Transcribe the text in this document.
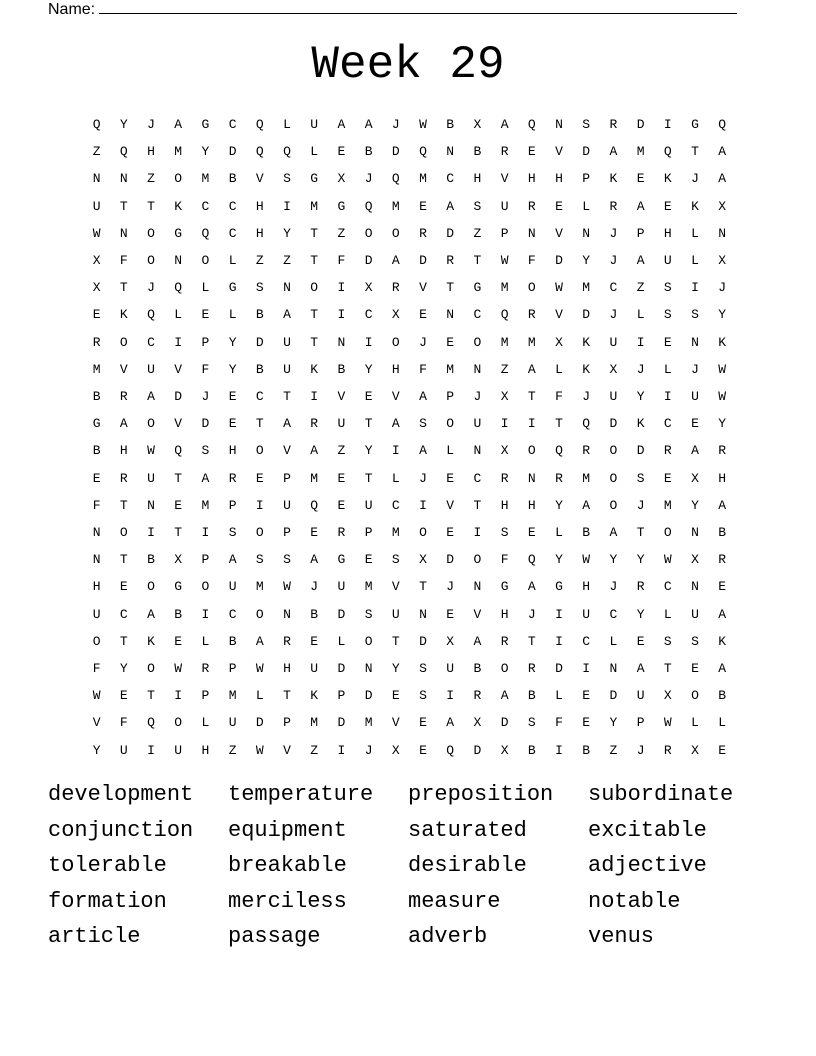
Name:
Week 29
Q	Y	J	A	G	C	Q	L	U	A	A	J	W	B	X	A	Q	N	S	R	D	I	G	Q
Z	Q	H	M	Y	D	Q	Q	L	E	B	D	Q	N	B	R	E	V	D	A	M	Q	T	A
N	N	Z	O	M	B	V	S	G	X	J	Q	M	C	H	V	H	H	P	K	E	K	J	A
U	T	T	K	C	C	H	I	M	G	Q	M	E	A	S	U	R	E	L	R	A	E	K	X
W	N	O	G	Q	C	H	Y	T	Z	O	O	R	D	Z	P	N	V	N	J	P	H	L	N
X	F	O	N	O	L	Z	Z	T	F	D	A	D	R	T	W	F	D	Y	J	A	U	L	X
X	T	J	Q	L	G	S	N	O	I	X	R	V	T	G	M	O	W	M	C	Z	S	I	J
E	K	Q	L	E	L	B	A	T	I	C	X	E	N	C	Q	R	V	D	J	L	S	S	Y
R	O	C	I	P	Y	D	U	T	N	I	O	J	E	O	M	M	X	K	U	I	E	N	K
M	V	U	V	F	Y	B	U	K	B	Y	H	F	M	N	Z	A	L	K	X	J	L	J	W
B	R	A	D	J	E	C	T	I	V	E	V	A	P	J	X	T	F	J	U	Y	I	U	W
G	A	O	V	D	E	T	A	R	U	T	A	S	O	U	I	I	T	Q	D	K	C	E	Y
B	H	W	Q	S	H	O	V	A	Z	Y	I	A	L	N	X	O	Q	R	O	D	R	A	R
E	R	U	T	A	R	E	P	M	E	T	L	J	E	C	R	N	R	M	O	S	E	X	H
F	T	N	E	M	P	I	U	Q	E	U	C	I	V	T	H	H	Y	A	O	J	M	Y	A
N	O	I	T	I	S	O	P	E	R	P	M	O	E	I	S	E	L	B	A	T	O	N	B
N	T	B	X	P	A	S	S	A	G	E	S	X	D	O	F	Q	Y	W	Y	Y	W	X	R
H	E	O	G	O	U	M	W	J	U	M	V	T	J	N	G	A	G	H	J	R	C	N	E
U	C	A	B	I	C	O	N	B	D	S	U	N	E	V	H	J	I	U	C	Y	L	U	A
O	T	K	E	L	B	A	R	E	L	O	T	D	X	A	R	T	I	C	L	E	S	S	K
F	Y	O	W	R	P	W	H	U	D	N	Y	S	U	B	O	R	D	I	N	A	T	E	A
W	E	T	I	P	M	L	T	K	P	D	E	S	I	R	A	B	L	E	D	U	X	O	B
V	F	Q	O	L	U	D	P	M	D	M	V	E	A	X	D	S	F	E	Y	P	W	L	L
Y	U	I	U	H	Z	W	V	Z	I	J	X	E	Q	D	X	B	I	B	Z	J	R	X	E
development temperature preposition subordinate
conjunction equipment	saturated	excitable
tolerable	breakable	desirable	adjective
formation	merciless	measure	notable
article	passage	adverb	venus
